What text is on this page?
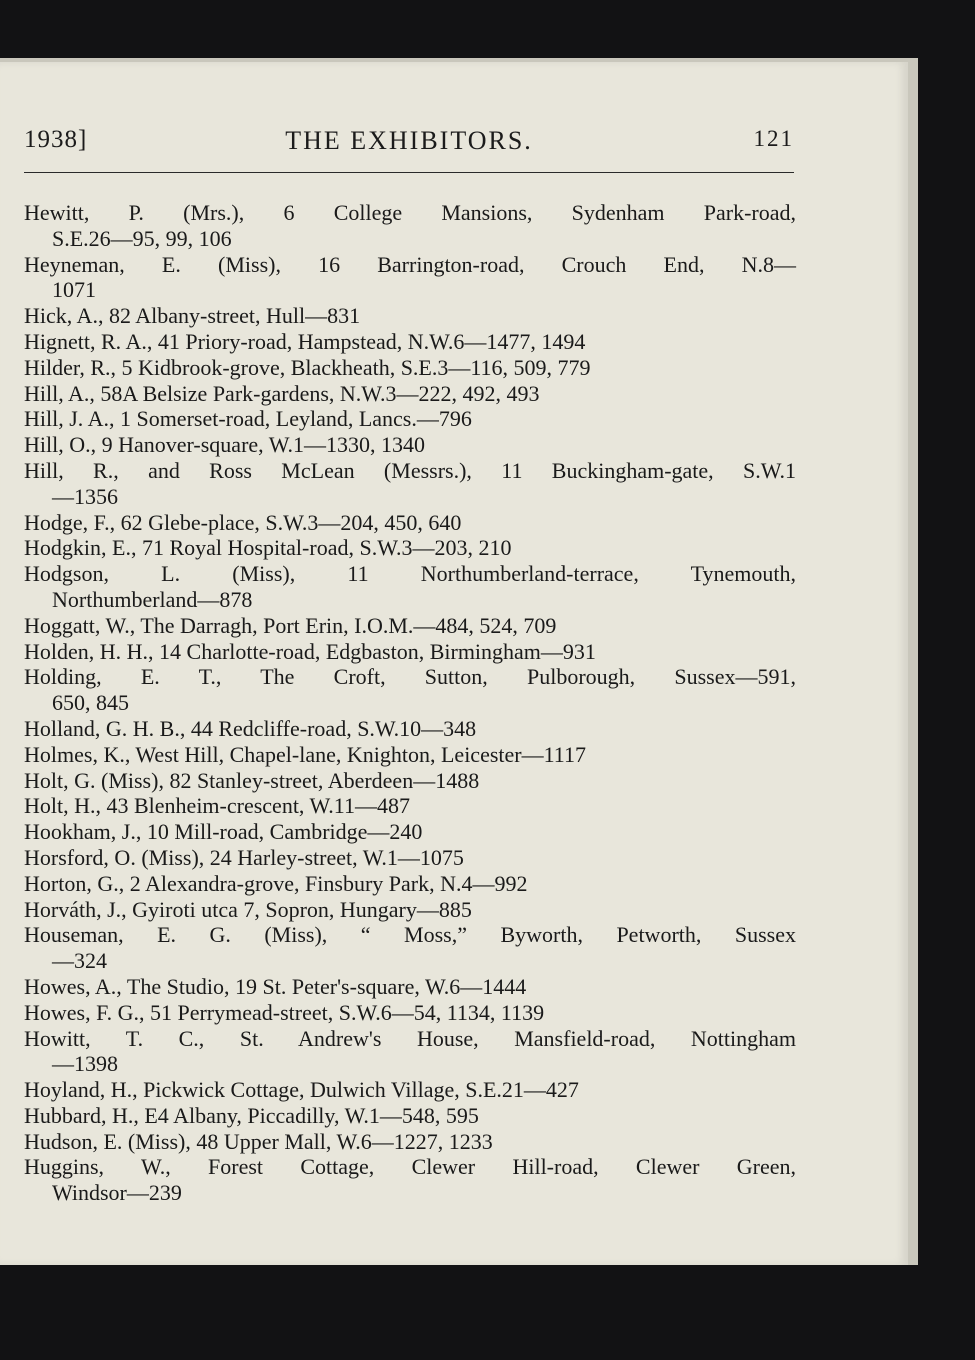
1938]	THE EXHIBITORS.	121
Hewitt, P. (Mrs.), 6 College Mansions, Sydenham Park-road,
S.E.26—95, 99, 106
Heyneman, E. (Miss), 16 Barrington-road, Crouch End, N.8—
1071
Hick, A., 82 Albany-street, Hull—831
Hignett, R. A., 41 Priory-road, Hampstead, N.W.6—1477, 1494
Hilder, R., 5 Kidbrook-grove, Blackheath, S.E.3—116, 509, 779
Hill, A., 58A Belsize Park-gardens, N.W.3—222, 492, 493
Hill, J. A., 1 Somerset-road, Leyland, Lancs.—796
Hill, O., 9 Hanover-square, W.1—1330, 1340
Hill, R., and Ross McLean (Messrs.), 11 Buckingham-gate, S.W.1
—1356
Hodge, F., 62 Glebe-place, S.W.3—204, 450, 640
Hodgkin, E., 71 Royal Hospital-road, S.W.3—203, 210
Hodgson, L. (Miss), 11 Northumberland-terrace, Tynemouth,
Northumberland—878
Hoggatt, W., The Darragh, Port Erin, I.O.M.—484, 524, 709
Holden, H. H., 14 Charlotte-road, Edgbaston, Birmingham—931
Holding, E. T., The Croft, Sutton, Pulborough, Sussex—591,
650, 845
Holland, G. H. B., 44 Redcliffe-road, S.W.10—348
Holmes, K., West Hill, Chapel-lane, Knighton, Leicester—1117
Holt, G. (Miss), 82 Stanley-street, Aberdeen—1488
Holt, H., 43 Blenheim-crescent, W.11—487
Hookham, J., 10 Mill-road, Cambridge—240
Horsford, O. (Miss), 24 Harley-street, W.1—1075
Horton, G., 2 Alexandra-grove, Finsbury Park, N.4—992
Horváth, J., Gyiroti utca 7, Sopron, Hungary—885
Houseman, E. G. (Miss), “ Moss,” Byworth, Petworth, Sussex
—324
Howes, A., The Studio, 19 St. Peter's-square, W.6—1444
Howes, F. G., 51 Perrymead-street, S.W.6—54, 1134, 1139
Howitt, T. C., St. Andrew's House, Mansfield-road, Nottingham
—1398
Hoyland, H., Pickwick Cottage, Dulwich Village, S.E.21—427
Hubbard, H., E4 Albany, Piccadilly, W.1—548, 595
Hudson, E. (Miss), 48 Upper Mall, W.6—1227, 1233
Huggins, W., Forest Cottage, Clewer Hill-road, Clewer Green,
Windsor—239
